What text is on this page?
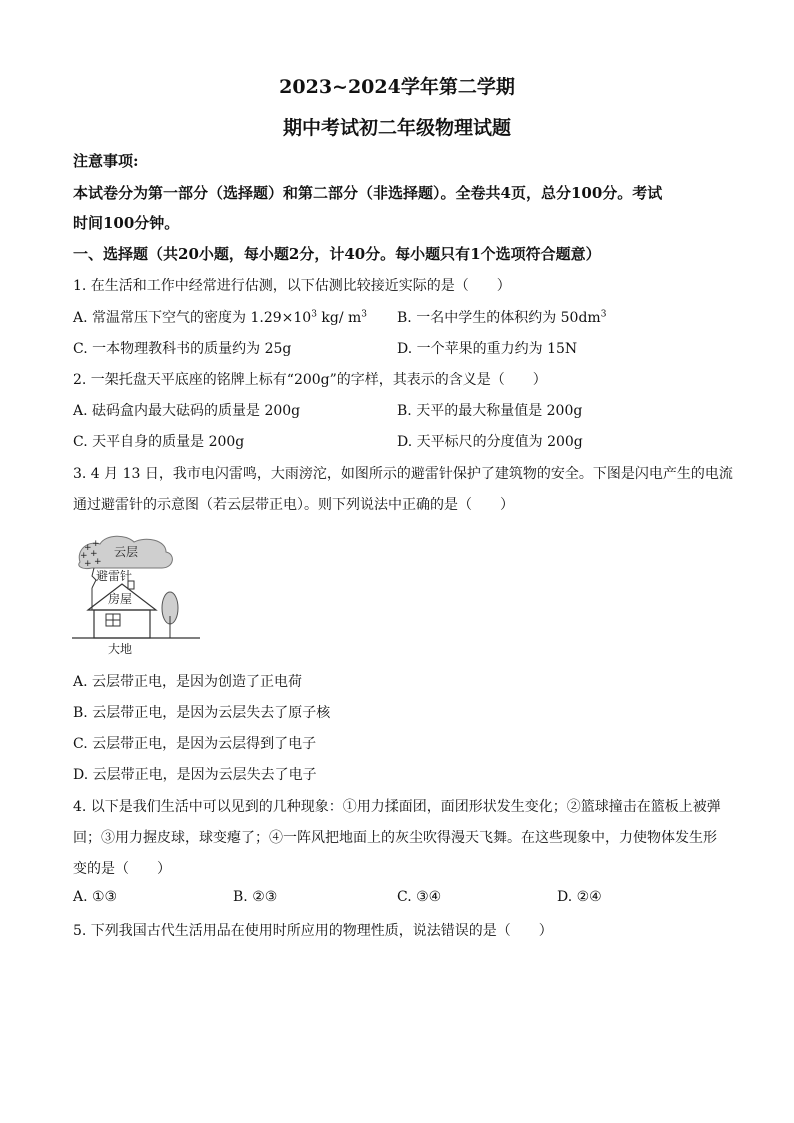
2023~2024学年第二学期
期中考试初二年级物理试题
注意事项:
本试卷分为第一部分（选择题）和第二部分（非选择题）。全卷共4页，总分100分。考试
时间100分钟。
一、选择题（共20小题，每小题2分，计40分。每小题只有1个选项符合题意）
1. 在生活和工作中经常进行估测，以下估测比较接近实际的是（　　）
A. 常温常压下空气的密度为 $1.29\times 10^3$ kg/ $m^3$ B. 一名中学生的体积约为 $50dm^3$
C. 一本物理教科书的质量约为 25g	D. 一个苹果的重力约为 15N
2. 一架托盘天平底座的铭牌上标有“200g”的字样，其表示的含义是（　　）
A. 砝码盒内最大砝码的质量是 200g	B. 天平的最大称量值是 200g
C. 天平自身的质量是 200g	D. 天平标尺的分度值为 200g
3. 4 月 13 日，我市电闪雷鸣，大雨滂沱，如图所示的避雷针保护了建筑物的安全。下图是闪电产生的电流
通过避雷针的示意图（若云层带正电）。则下列说法中正确的是（　　）
+ +
+ +
+ +
云层
避雷针
房屋
大地
A. 云层带正电，是因为创造了正电荷
B. 云层带正电，是因为云层失去了原子核
C. 云层带正电，是因为云层得到了电子
D. 云层带正电，是因为云层失去了电子
4. 以下是我们生活中可以见到的几种现象：①用力揉面团，面团形状发生变化；②篮球撞击在篮板上被弹
回；③用力握皮球，球变瘪了；④一阵风把地面上的灰尘吹得漫天飞舞。在这些现象中，力使物体发生形
变的是（　　）
A. ①③	B. ②③	C. ③④	D. ②④
5. 下列我国古代生活用品在使用时所应用的物理性质，说法错误的是（　　）
